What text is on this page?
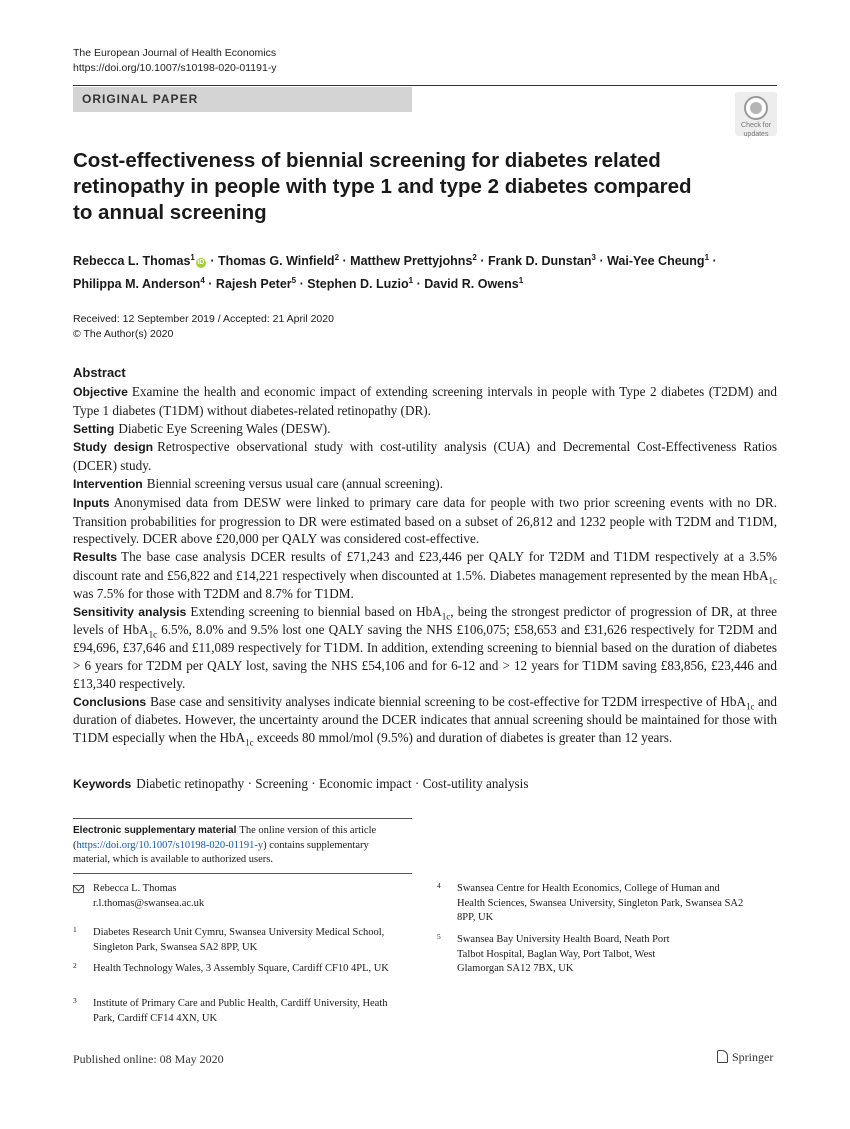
The European Journal of Health Economics
https://doi.org/10.1007/s10198-020-01191-y
ORIGINAL PAPER
Check for
updates
Cost-effectiveness of biennial screening for diabetes related
retinopathy in people with type 1 and type 2 diabetes compared
to annual screening
Rebecca L. Thomas$^1$iD · Thomas G. Winfield$^2$ · Matthew Prettyjohns$^2$ · Frank D. Dunstan$^3$ · Wai-Yee Cheung$^1$ ·
Philippa M. Anderson$^4$ · Rajesh Peter$^5$ · Stephen D. Luzio$^1$ · David R. Owens$^1$
Received: 12 September 2019 / Accepted: 21 April 2020
© The Author(s) 2020
Abstract

Objective Examine the health and economic impact of extending screening intervals in people with Type 2 diabetes (T2DM) and Type 1 diabetes (T1DM) without diabetes-related retinopathy (DR).

Setting Diabetic Eye Screening Wales (DESW).

Study design Retrospective observational study with cost-utility analysis (CUA) and Decremental Cost-Effectiveness Ratios (DCER) study.

Intervention Biennial screening versus usual care (annual screening).

Inputs Anonymised data from DESW were linked to primary care data for people with two prior screening events with no DR. Transition probabilities for progression to DR were estimated based on a subset of 26,812 and 1232 people with T2DM and T1DM, respectively. DCER above £20,000 per QALY was considered cost-effective.

Results The base case analysis DCER results of £71,243 and £23,446 per QALY for T2DM and T1DM respectively at a 3.5% discount rate and £56,822 and £14,221 respectively when discounted at 1.5%. Diabetes management represented by the mean HbA$_{1c}$ was 7.5% for those with T2DM and 8.7% for T1DM.

Sensitivity analysis Extending screening to biennial based on HbA$_{1c}$, being the strongest predictor of progression of DR, at three levels of HbA$_{1c}$ 6.5%, 8.0% and 9.5% lost one QALY saving the NHS £106,075; £58,653 and £31,626 respectively for T2DM and £94,696, £37,646 and £11,089 respectively for T1DM. In addition, extending screening to biennial based on the duration of diabetes > 6 years for T2DM per QALY lost, saving the NHS £54,106 and for 6-12 and > 12 years for T1DM saving £83,856, £23,446 and £13,340 respectively.

Conclusions Base case and sensitivity analyses indicate biennial screening to be cost-effective for T2DM irrespective of HbA$_{1c}$ and duration of diabetes. However, the uncertainty around the DCER indicates that annual screening should be maintained for those with T1DM especially when the HbA$_{1c}$ exceeds 80 mmol/mol (9.5%) and duration of diabetes is greater than 12 years.

Keywords Diabetic retinopathy · Screening · Economic impact · Cost-utility analysis
Electronic supplementary material The online version of this article (https://doi.org/10.1007/s10198-020-01191-y) contains supplementary material, which is available to authorized users.
Rebecca L. Thomas
r.l.thomas@swansea.ac.uk
1 Diabetes Research Unit Cymru, Swansea University Medical School, Singleton Park, Swansea SA2 8PP, UK
2 Health Technology Wales, 3 Assembly Square, Cardiff CF10 4PL, UK
3 Institute of Primary Care and Public Health, Cardiff University, Heath Park, Cardiff CF14 4XN, UK
4 Swansea Centre for Health Economics, College of Human and Health Sciences, Swansea University, Singleton Park, Swansea SA2 8PP, UK
5 Swansea Bay University Health Board, Neath Port Talbot Hospital, Baglan Way, Port Talbot, West Glamorgan SA12 7BX, UK
Published online: 08 May 2020	Springer
